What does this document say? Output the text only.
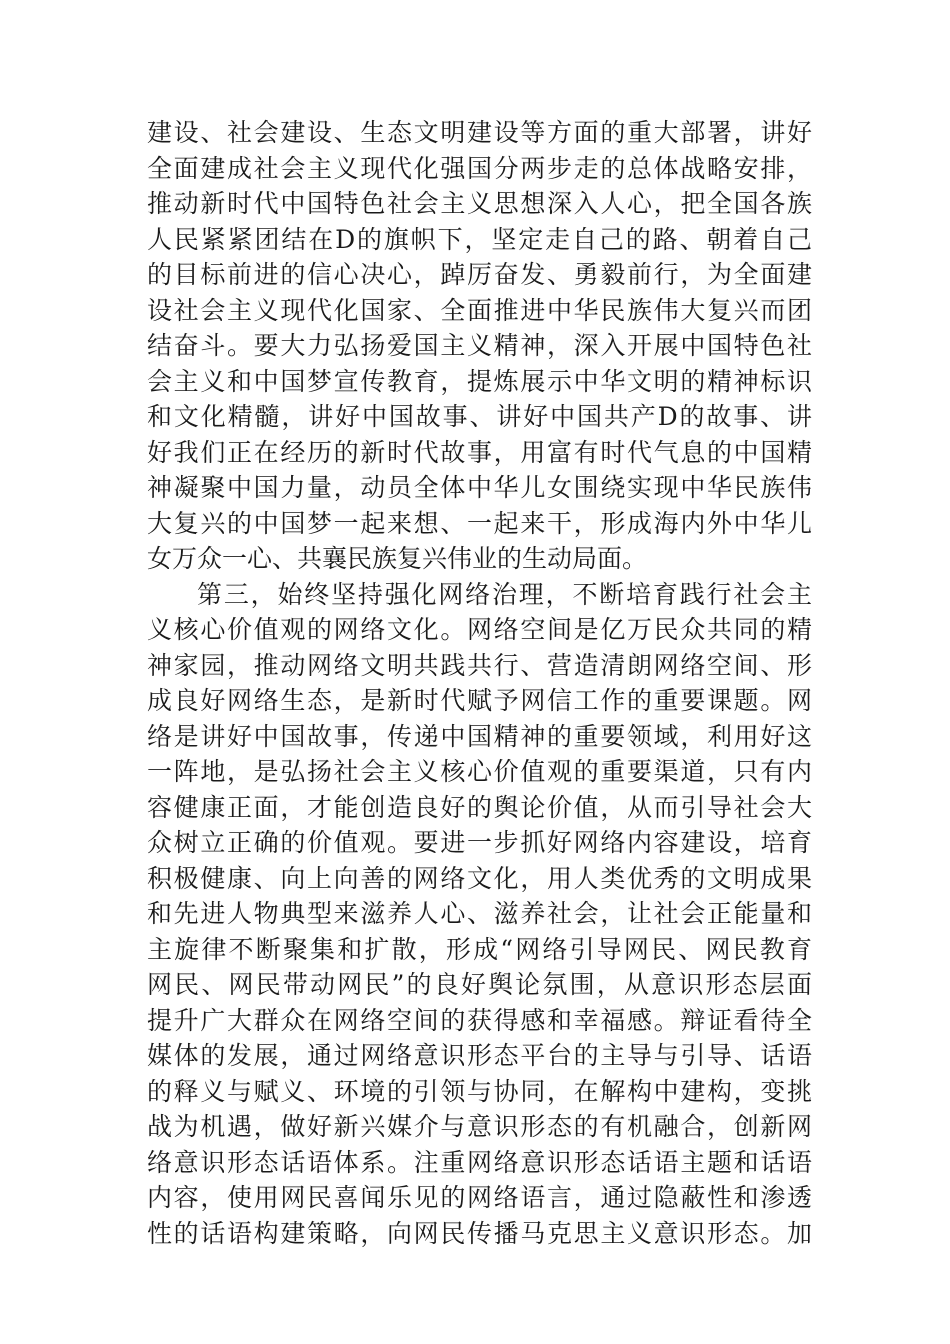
建设、社会建设、生态文明建设等方面的重大部署，讲好
全面建成社会主义现代化强国分两步走的总体战略安排，
推动新时代中国特色社会主义思想深入人心，把全国各族
人民紧紧团结在D的旗帜下，坚定走自己的路、朝着自己
的目标前进的信心决心，踔厉奋发、勇毅前行，为全面建
设社会主义现代化国家、全面推进中华民族伟大复兴而团
结奋斗。要大力弘扬爱国主义精神，深入开展中国特色社
会主义和中国梦宣传教育，提炼展示中华文明的精神标识
和文化精髓，讲好中国故事、讲好中国共产D的故事、讲
好我们正在经历的新时代故事，用富有时代气息的中国精
神凝聚中国力量，动员全体中华儿女围绕实现中华民族伟
大复兴的中国梦一起来想、一起来干，形成海内外中华儿
女万众一心、共襄民族复兴伟业的生动局面。
第三，始终坚持强化网络治理，不断培育践行社会主
义核心价值观的网络文化。网络空间是亿万民众共同的精
神家园，推动网络文明共践共行、营造清朗网络空间、形
成良好网络生态，是新时代赋予网信工作的重要课题。网
络是讲好中国故事，传递中国精神的重要领域，利用好这
一阵地，是弘扬社会主义核心价值观的重要渠道，只有内
容健康正面，才能创造良好的舆论价值，从而引导社会大
众树立正确的价值观。要进一步抓好网络内容建设，培育
积极健康、向上向善的网络文化，用人类优秀的文明成果
和先进人物典型来滋养人心、滋养社会，让社会正能量和
主旋律不断聚集和扩散，形成“网络引导网民、网民教育
网民、网民带动网民”的良好舆论氛围，从意识形态层面
提升广大群众在网络空间的获得感和幸福感。辩证看待全
媒体的发展，通过网络意识形态平台的主导与引导、话语
的释义与赋义、环境的引领与协同，在解构中建构，变挑
战为机遇，做好新兴媒介与意识形态的有机融合，创新网
络意识形态话语体系。注重网络意识形态话语主题和话语
内容，使用网民喜闻乐见的网络语言，通过隐蔽性和渗透
性的话语构建策略，向网民传播马克思主义意识形态。加
